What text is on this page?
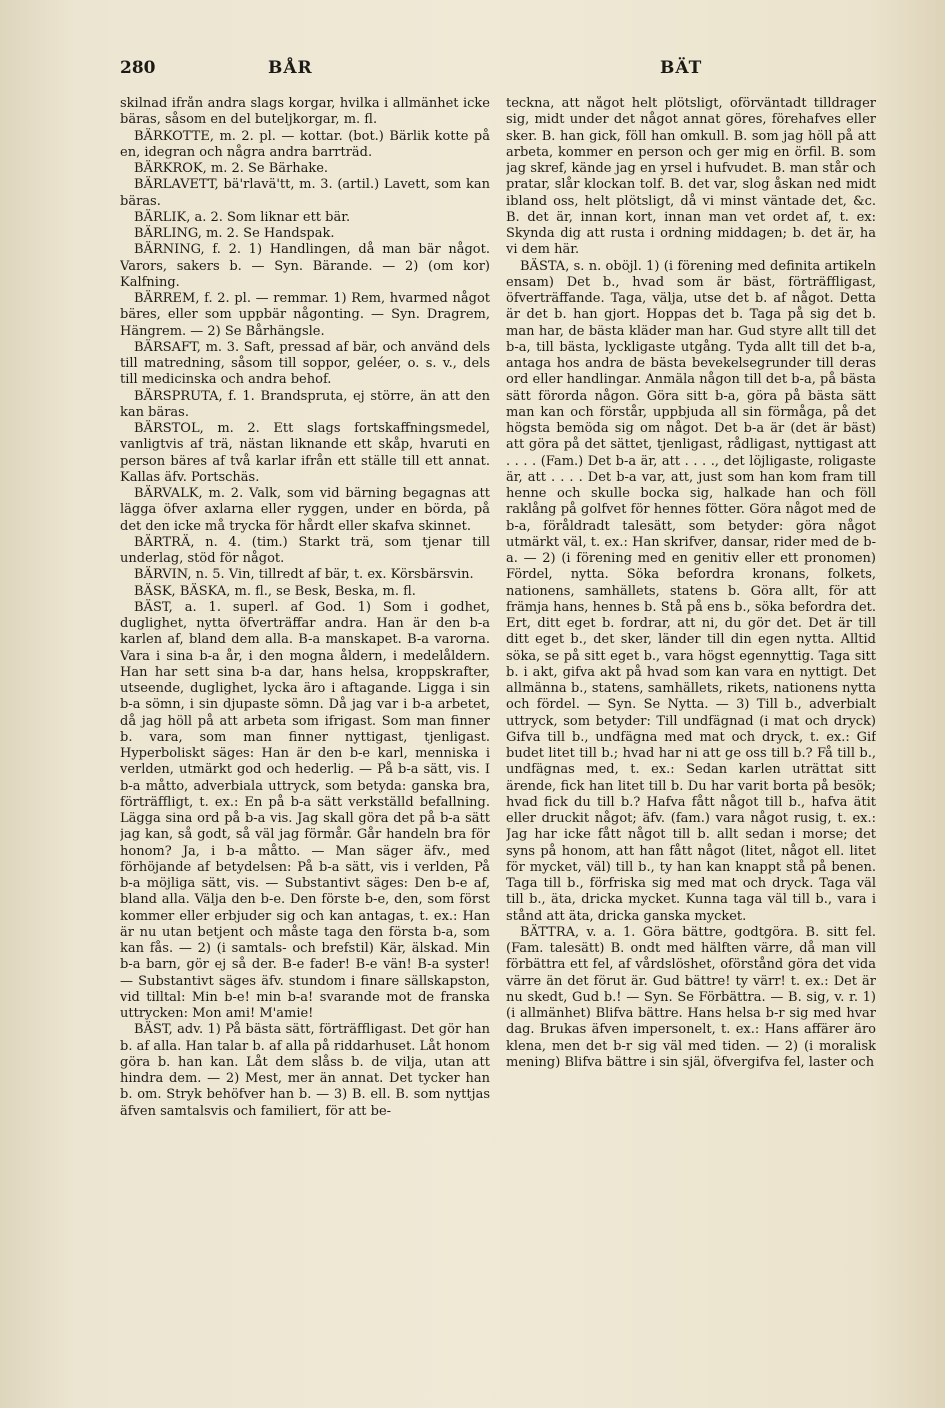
280	BÅR	BÄT

skilnad ifrån andra slags korgar, hvilka i allmänhet icke bäras, såsom en del buteljkorgar, m. fl.

BÄRKOTTE, m. 2. pl. — kottar. (bot.) Bärlik kotte på en, idegran och några andra barrträd.

BÄRKROK, m. 2. Se Bärhake.

BÄRLAVETT, bä'rlavä'tt, m. 3. (artil.) Lavett, som kan bäras.

BÄRLIK, a. 2. Som liknar ett bär.

BÄRLING, m. 2. Se Handspak.

BÄRNING, f. 2. 1) Handlingen, då man bär något. Varors, sakers b. — Syn. Bärande. — 2) (om kor) Kalfning.

BÄRREM, f. 2. pl. — remmar. 1) Rem, hvarmed något bäres, eller som uppbär någonting. — Syn. Dragrem, Hängrem. — 2) Se Bårhängsle.

BÄRSAFT, m. 3. Saft, pressad af bär, och använd dels till matredning, såsom till soppor, geléer, o. s. v., dels till medicinska och andra behof.

BÄRSPRUTA, f. 1. Brandspruta, ej större, än att den kan bäras.

BÄRSTOL, m. 2. Ett slags fortskaffningsmedel, vanligtvis af trä, nästan liknande ett skåp, hvaruti en person bäres af två karlar ifrån ett ställe till ett annat. Kallas äfv. Portschäs.

BÄRVALK, m. 2. Valk, som vid bärning begagnas att lägga öfver axlarna eller ryggen, under en börda, på det den icke må trycka för hårdt eller skafva skinnet.

BÄRTRÄ, n. 4. (tim.) Starkt trä, som tjenar till underlag, stöd för något.

BÄRVIN, n. 5. Vin, tillredt af bär, t. ex. Körsbärsvin.

BÄSK, BÄSKA, m. fl., se Besk, Beska, m. fl.

BÄST, a. 1. superl. af God. 1) Som i godhet, duglighet, nytta öfverträffar andra. Han är den b-a karlen af, bland dem alla. B-a manskapet. B-a varorna. Vara i sina b-a år, i den mogna åldern, i medelåldern. Han har sett sina b-a dar, hans helsa, kroppskrafter, utseende, duglighet, lycka äro i aftagande. Ligga i sin b-a sömn, i sin djupaste sömn. Då jag var i b-a arbetet, då jag höll på att arbeta som ifrigast. Som man finner b. vara, som man finner nyttigast, tjenligast. Hyperboliskt säges: Han är den b-e karl, menniska i verlden, utmärkt god och hederlig. — På b-a sätt, vis. I b-a måtto, adverbiala uttryck, som betyda: ganska bra, förträffligt, t. ex.: En på b-a sätt verkställd befallning. Lägga sina ord på b-a vis. Jag skall göra det på b-a sätt jag kan, så godt, så väl jag förmår. Går handeln bra för honom? Ja, i b-a måtto. — Man säger äfv., med förhöjande af betydelsen: På b-a sätt, vis i verlden, På b-a möjliga sätt, vis. — Substantivt säges: Den b-e af, bland alla. Välja den b-e. Den förste b-e, den, som först kommer eller erbjuder sig och kan antagas, t. ex.: Han är nu utan betjent och måste taga den första b-a, som kan fås. — 2) (i samtals- och brefstil) Kär, älskad. Min b-a barn, gör ej så der. B-e fader! B-e vän! B-a syster! — Substantivt säges äfv. stundom i finare sällskapston, vid tilltal: Min b-e! min b-a! svarande mot de franska uttrycken: Mon ami! M'amie!

BÄST, adv. 1) På bästa sätt, förträffligast. Det gör han b. af alla. Han talar b. af alla på riddarhuset. Låt honom göra b. han kan. Låt dem slåss b. de vilja, utan att hindra dem. — 2) Mest, mer än annat. Det tycker han b. om. Stryk behöfver han b. — 3) B. ell. B. som nyttjas äfven samtalsvis och familiert, för att be-

teckna, att något helt plötsligt, oförväntadt tilldrager sig, midt under det något annat göres, förehafves eller sker. B. han gick, föll han omkull. B. som jag höll på att arbeta, kommer en person och ger mig en örfil. B. som jag skref, kände jag en yrsel i hufvudet. B. man står och pratar, slår klockan tolf. B. det var, slog åskan ned midt ibland oss, helt plötsligt, då vi minst väntade det, &c. B. det är, innan kort, innan man vet ordet af, t. ex: Skynda dig att rusta i ordning middagen; b. det är, ha vi dem här.

BÄSTA, s. n. oböjl. 1) (i förening med definita artikeln ensam) Det b., hvad som är bäst, förträffligast, öfverträffande. Taga, välja, utse det b. af något. Detta är det b. han gjort. Hoppas det b. Taga på sig det b. man har, de bästa kläder man har. Gud styre allt till det b-a, till bästa, lyckligaste utgång. Tyda allt till det b-a, antaga hos andra de bästa bevekelsegrunder till deras ord eller handlingar. Anmäla någon till det b-a, på bästa sätt förorda någon. Göra sitt b-a, göra på bästa sätt man kan och förstår, uppbjuda all sin förmåga, på det högsta bemöda sig om något. Det b-a är (det är bäst) att göra på det sättet, tjenligast, rådligast, nyttigast att . . . . (Fam.) Det b-a är, att . . . ., det löjligaste, roligaste är, att . . . . Det b-a var, att, just som han kom fram till henne och skulle bocka sig, halkade han och föll raklång på golfvet för hennes fötter. Göra något med de b-a, föråldradt talesätt, som betyder: göra något utmärkt väl, t. ex.: Han skrifver, dansar, rider med de b-a. — 2) (i förening med en genitiv eller ett pronomen) Fördel, nytta. Söka befordra kronans, folkets, nationens, samhällets, statens b. Göra allt, för att främja hans, hennes b. Stå på ens b., söka befordra det. Ert, ditt eget b. fordrar, att ni, du gör det. Det är till ditt eget b., det sker, länder till din egen nytta. Alltid söka, se på sitt eget b., vara högst egennyttig. Taga sitt b. i akt, gifva akt på hvad som kan vara en nyttigt. Det allmänna b., statens, samhällets, rikets, nationens nytta och fördel. — Syn. Se Nytta. — 3) Till b., adverbialt uttryck, som betyder: Till undfägnad (i mat och dryck) Gifva till b., undfägna med mat och dryck, t. ex.: Gif budet litet till b.; hvad har ni att ge oss till b.? Få till b., undfägnas med, t. ex.: Sedan karlen uträttat sitt ärende, fick han litet till b. Du har varit borta på besök; hvad fick du till b.? Hafva fått något till b., hafva ätit eller druckit något; äfv. (fam.) vara något rusig, t. ex.: Jag har icke fått något till b. allt sedan i morse; det syns på honom, att han fått något (litet, något ell. litet för mycket, väl) till b., ty han kan knappt stå på benen. Taga till b., förfriska sig med mat och dryck. Taga väl till b., äta, dricka mycket. Kunna taga väl till b., vara i stånd att äta, dricka ganska mycket.

BÄTTRA, v. a. 1. Göra bättre, godtgöra. B. sitt fel. (Fam. talesätt) B. ondt med hälften värre, då man vill förbättra ett fel, af vårdslöshet, oförstånd göra det vida värre än det förut är. Gud bättre! ty värr! t. ex.: Det är nu skedt, Gud b.! — Syn. Se Förbättra. — B. sig, v. r. 1) (i allmänhet) Blifva bättre. Hans helsa b-r sig med hvar dag. Brukas äfven impersonelt, t. ex.: Hans affärer äro klena, men det b-r sig väl med tiden. — 2) (i moralisk mening) Blifva bättre i sin själ, öfvergifva fel, laster och
